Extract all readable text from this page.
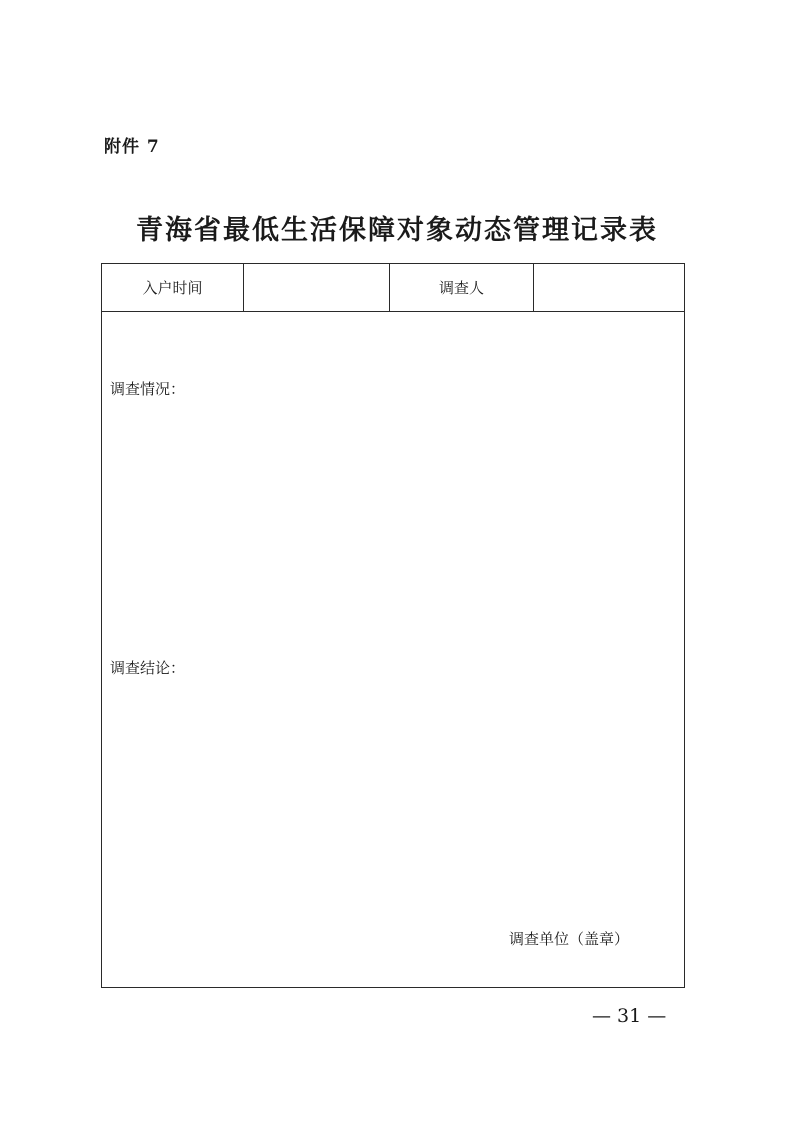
附件 7
青海省最低生活保障对象动态管理记录表
入户时间	调查人
调查情况：
调查结论：
调查单位（盖章）
— 31 —
